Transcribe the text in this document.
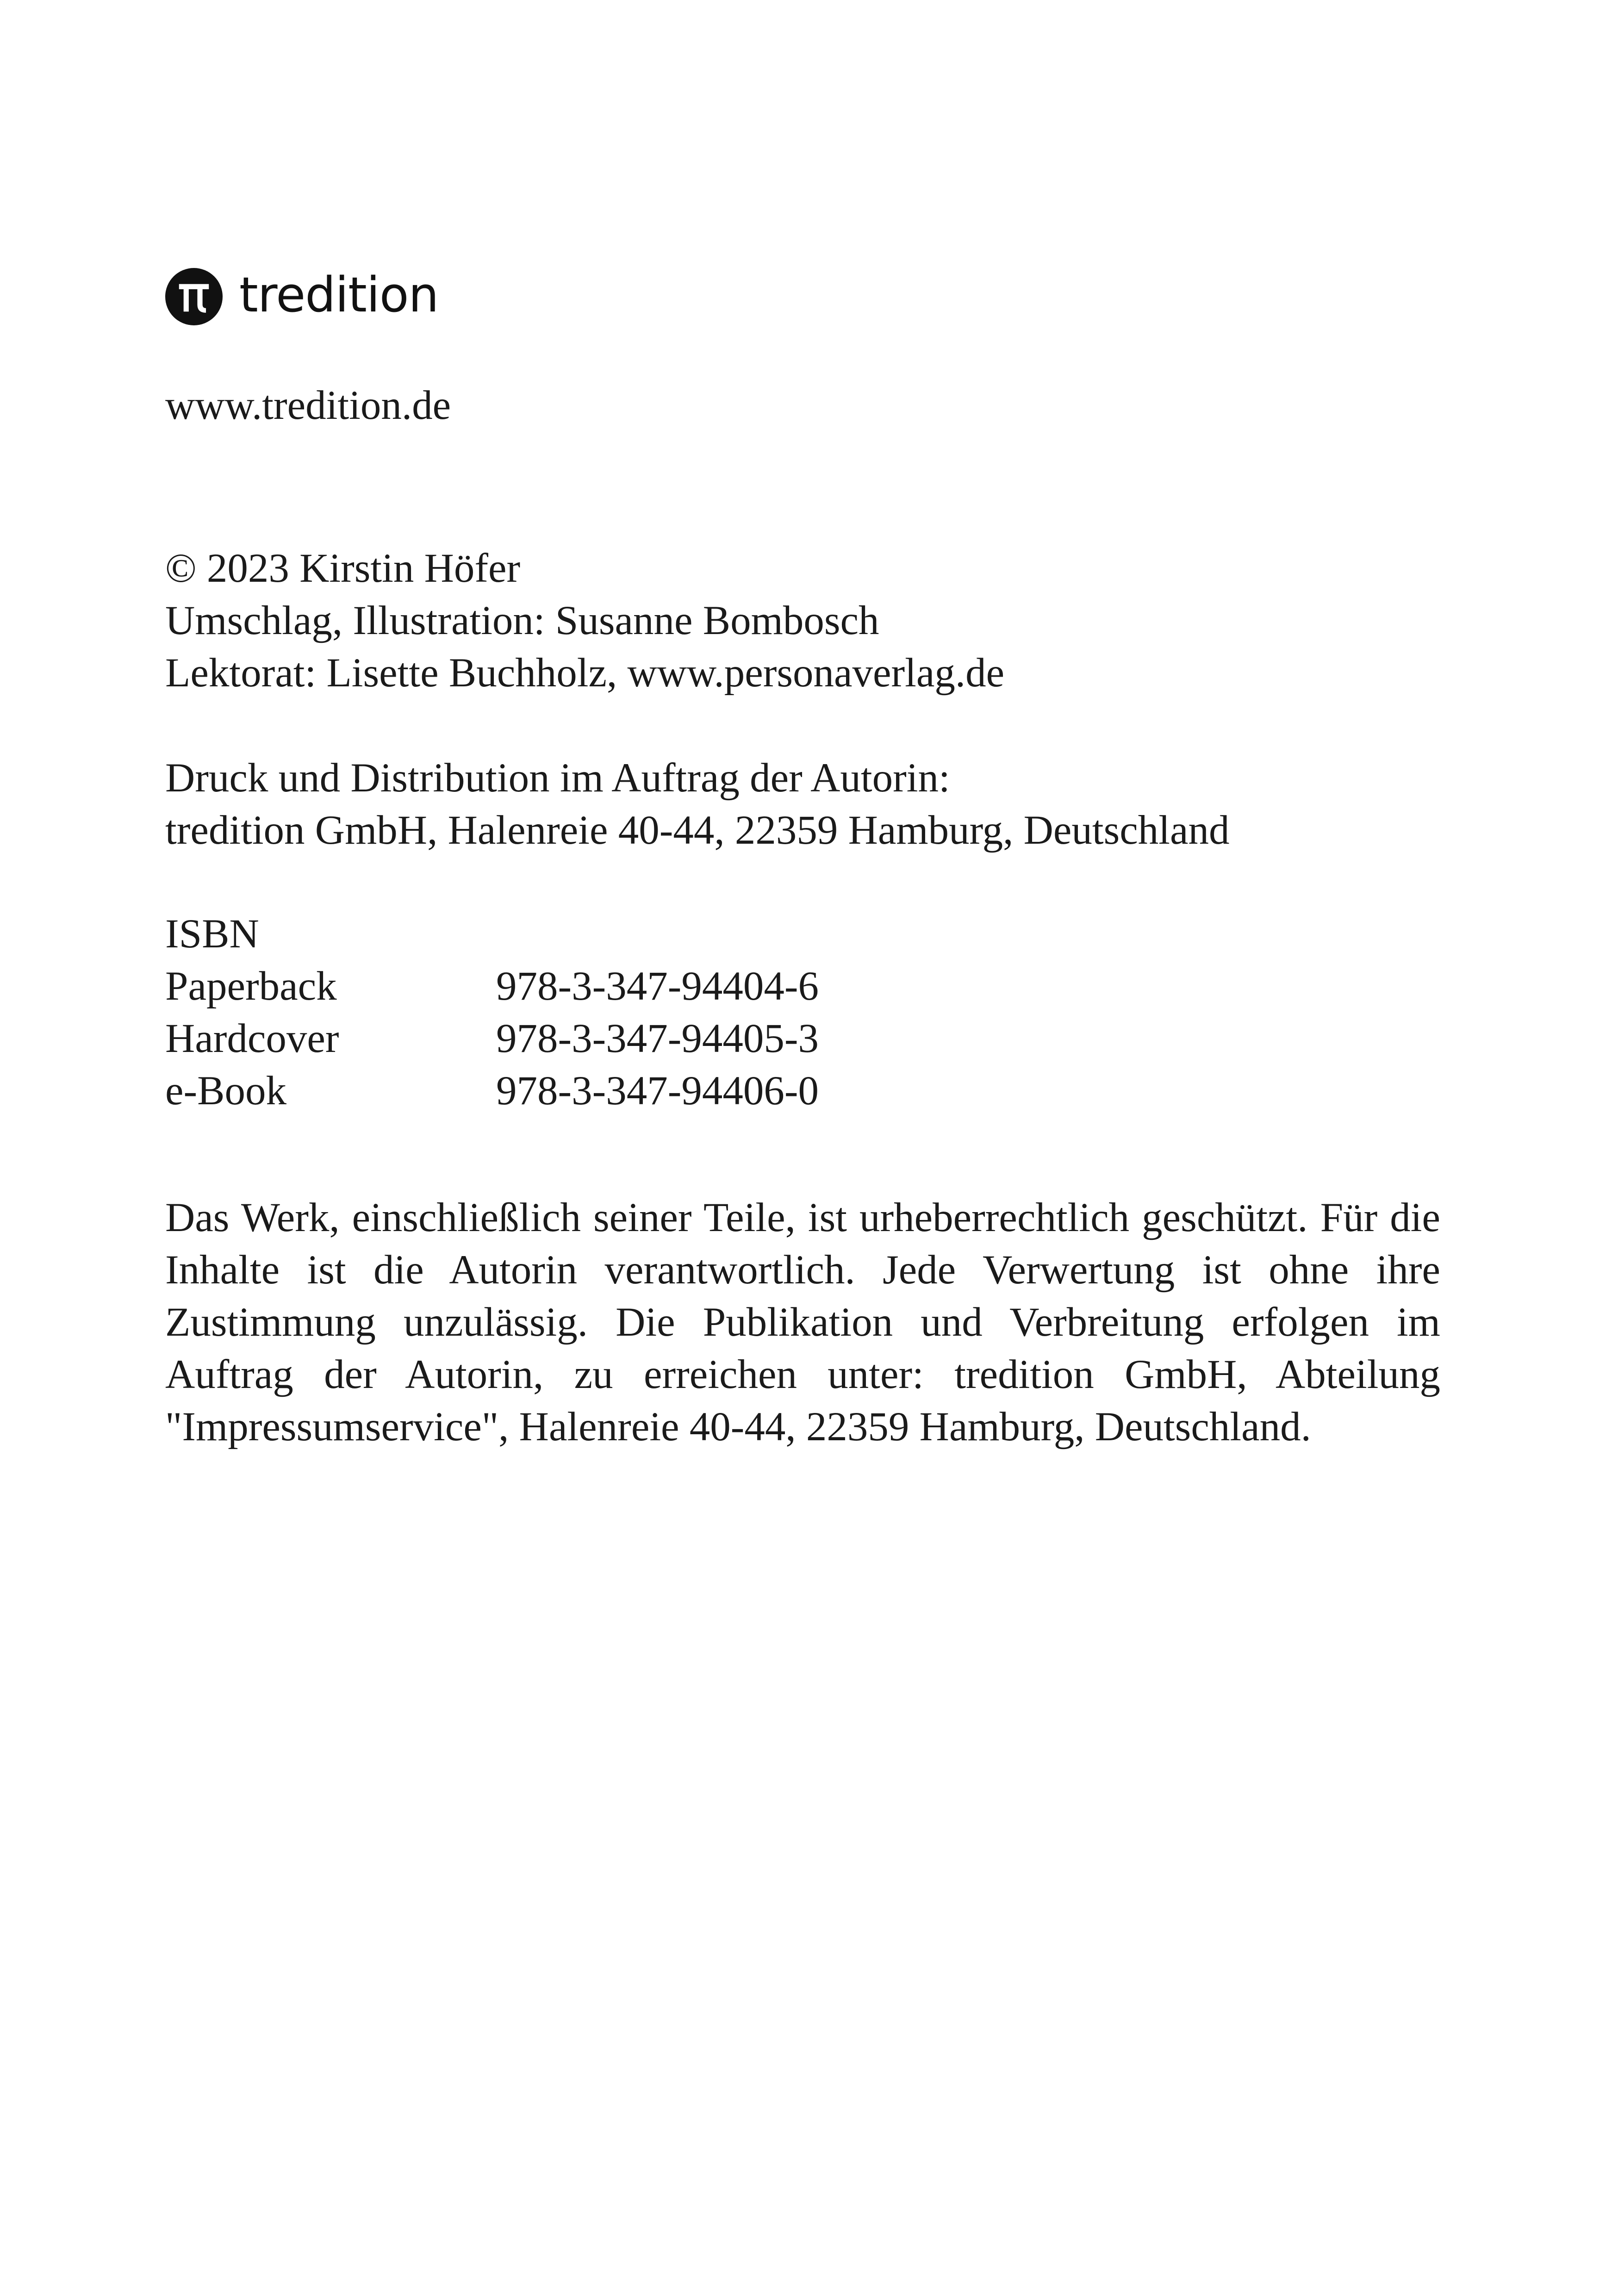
tredition
www.tredition.de
© 2023 Kirstin Höfer
Umschlag, Illustration: Susanne Bombosch
Lektorat: Lisette Buchholz, www.personaverlag.de
Druck und Distribution im Auftrag der Autorin:
tredition GmbH, Halenreie 40-44, 22359 Hamburg, Deutschland
ISBN
Paperback	978-3-347-94404-6
Hardcover	978-3-347-94405-3
e-Book	978-3-347-94406-0

Das Werk, einschließlich seiner Teile, ist urheberrechtlich geschützt. Für die Inhalte ist die Autorin verantwortlich. Jede Verwertung ist ohne ihre Zustimmung unzulässig. Die Publikation und Verbreitung erfolgen im Auftrag der Autorin, zu erreichen unter: tredition GmbH, Abteilung "Impressumservice", Halenreie 40-44, 22359 Hamburg, Deutschland.
